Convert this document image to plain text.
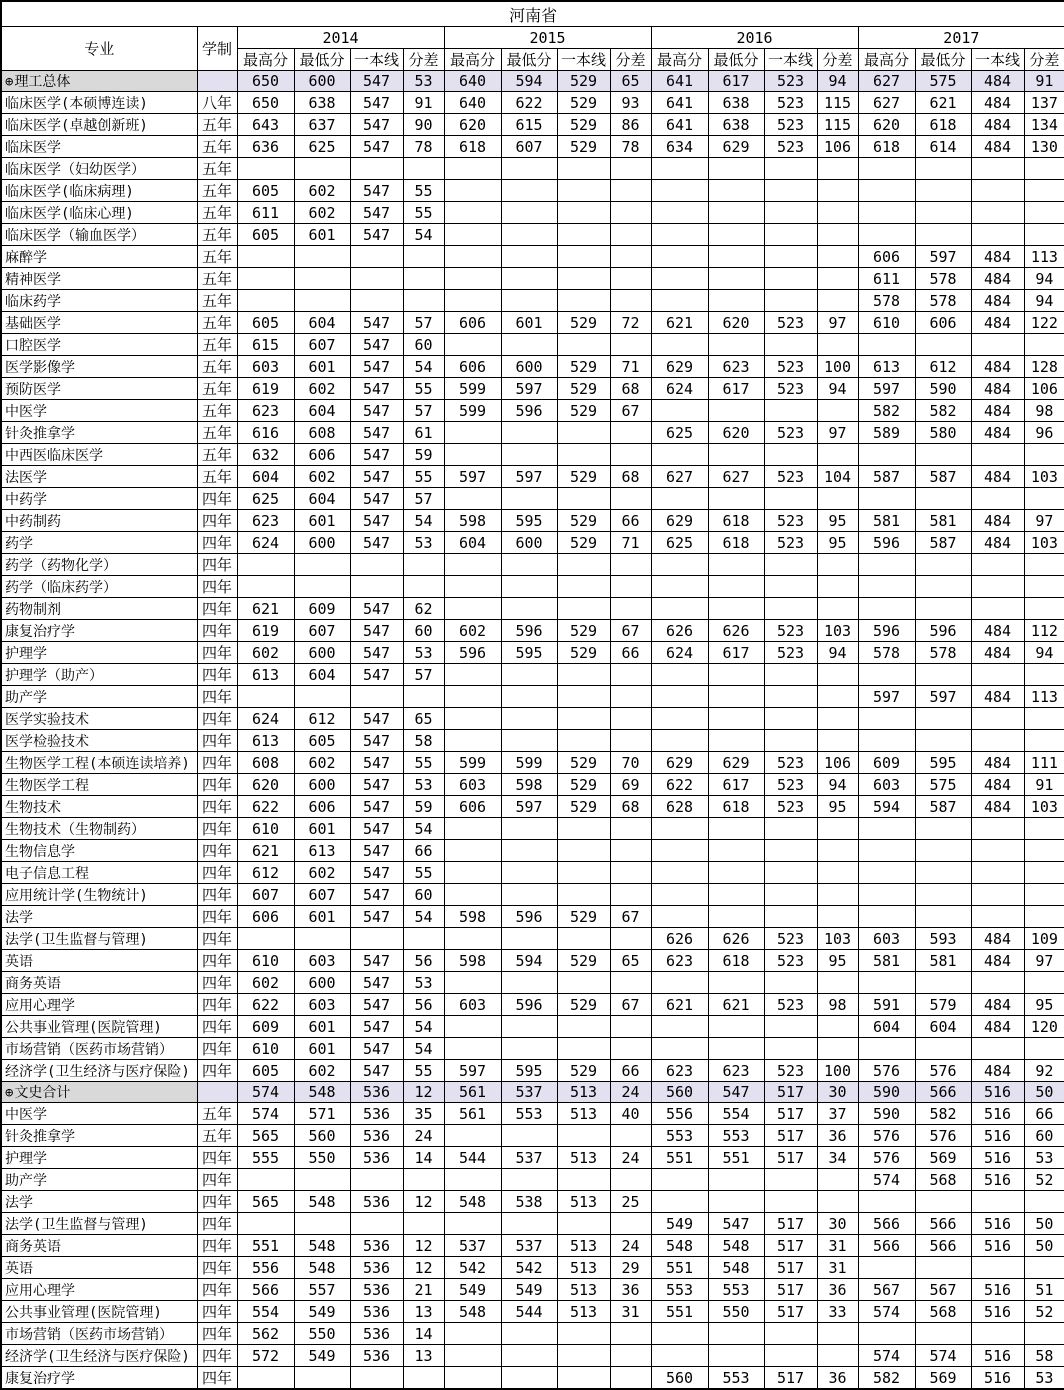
河南省																	
专业	学制	2014				2015				2016				2017			
		最高分	最低分	一本线	分差	最高分	最低分	一本线	分差	最高分	最低分	一本线	分差	最高分	最低分	一本线	分差
⊕理工总体		650	600	547	53	640	594	529	65	641	617	523	94	627	575	484	91
临床医学(本硕博连读)	八年	650	638	547	91	640	622	529	93	641	638	523	115	627	621	484	137
临床医学(卓越创新班)	五年	643	637	547	90	620	615	529	86	641	638	523	115	620	618	484	134
临床医学	五年	636	625	547	78	618	607	529	78	634	629	523	106	618	614	484	130
临床医学（妇幼医学）	五年																
临床医学(临床病理)	五年	605	602	547	55												
临床医学(临床心理)	五年	611	602	547	55												
临床医学（输血医学）	五年	605	601	547	54												
麻醉学	五年													606	597	484	113
精神医学	五年													611	578	484	94
临床药学	五年													578	578	484	94
基础医学	五年	605	604	547	57	606	601	529	72	621	620	523	97	610	606	484	122
口腔医学	五年	615	607	547	60												
医学影像学	五年	603	601	547	54	606	600	529	71	629	623	523	100	613	612	484	128
预防医学	五年	619	602	547	55	599	597	529	68	624	617	523	94	597	590	484	106
中医学	五年	623	604	547	57	599	596	529	67					582	582	484	98
针灸推拿学	五年	616	608	547	61					625	620	523	97	589	580	484	96
中西医临床医学	五年	632	606	547	59												
法医学	五年	604	602	547	55	597	597	529	68	627	627	523	104	587	587	484	103
中药学	四年	625	604	547	57												
中药制药	四年	623	601	547	54	598	595	529	66	629	618	523	95	581	581	484	97
药学	四年	624	600	547	53	604	600	529	71	625	618	523	95	596	587	484	103
药学（药物化学）	四年																
药学（临床药学）	四年																
药物制剂	四年	621	609	547	62												
康复治疗学	四年	619	607	547	60	602	596	529	67	626	626	523	103	596	596	484	112
护理学	四年	602	600	547	53	596	595	529	66	624	617	523	94	578	578	484	94
护理学（助产）	四年	613	604	547	57												
助产学	四年													597	597	484	113
医学实验技术	四年	624	612	547	65												
医学检验技术	四年	613	605	547	58												
生物医学工程(本硕连读培养)	四年	608	602	547	55	599	599	529	70	629	629	523	106	609	595	484	111
生物医学工程	四年	620	600	547	53	603	598	529	69	622	617	523	94	603	575	484	91
生物技术	四年	622	606	547	59	606	597	529	68	628	618	523	95	594	587	484	103
生物技术（生物制药）	四年	610	601	547	54												
生物信息学	四年	621	613	547	66												
电子信息工程	四年	612	602	547	55												
应用统计学(生物统计)	四年	607	607	547	60												
法学	四年	606	601	547	54	598	596	529	67								
法学(卫生监督与管理)	四年									626	626	523	103	603	593	484	109
英语	四年	610	603	547	56	598	594	529	65	623	618	523	95	581	581	484	97
商务英语	四年	602	600	547	53												
应用心理学	四年	622	603	547	56	603	596	529	67	621	621	523	98	591	579	484	95
公共事业管理(医院管理)	四年	609	601	547	54									604	604	484	120
市场营销（医药市场营销）	四年	610	601	547	54												
经济学(卫生经济与医疗保险)	四年	605	602	547	55	597	595	529	66	623	623	523	100	576	576	484	92
⊕文史合计		574	548	536	12	561	537	513	24	560	547	517	30	590	566	516	50
中医学	五年	574	571	536	35	561	553	513	40	556	554	517	37	590	582	516	66
针灸推拿学	五年	565	560	536	24					553	553	517	36	576	576	516	60
护理学	四年	555	550	536	14	544	537	513	24	551	551	517	34	576	569	516	53
助产学	四年													574	568	516	52
法学	四年	565	548	536	12	548	538	513	25								
法学(卫生监督与管理)	四年									549	547	517	30	566	566	516	50
商务英语	四年	551	548	536	12	537	537	513	24	548	548	517	31	566	566	516	50
英语	四年	556	548	536	12	542	542	513	29	551	548	517	31				
应用心理学	四年	566	557	536	21	549	549	513	36	553	553	517	36	567	567	516	51
公共事业管理(医院管理)	四年	554	549	536	13	548	544	513	31	551	550	517	33	574	568	516	52
市场营销（医药市场营销）	四年	562	550	536	14												
经济学(卫生经济与医疗保险)	四年	572	549	536	13									574	574	516	58
康复治疗学	四年									560	553	517	36	582	569	516	53
